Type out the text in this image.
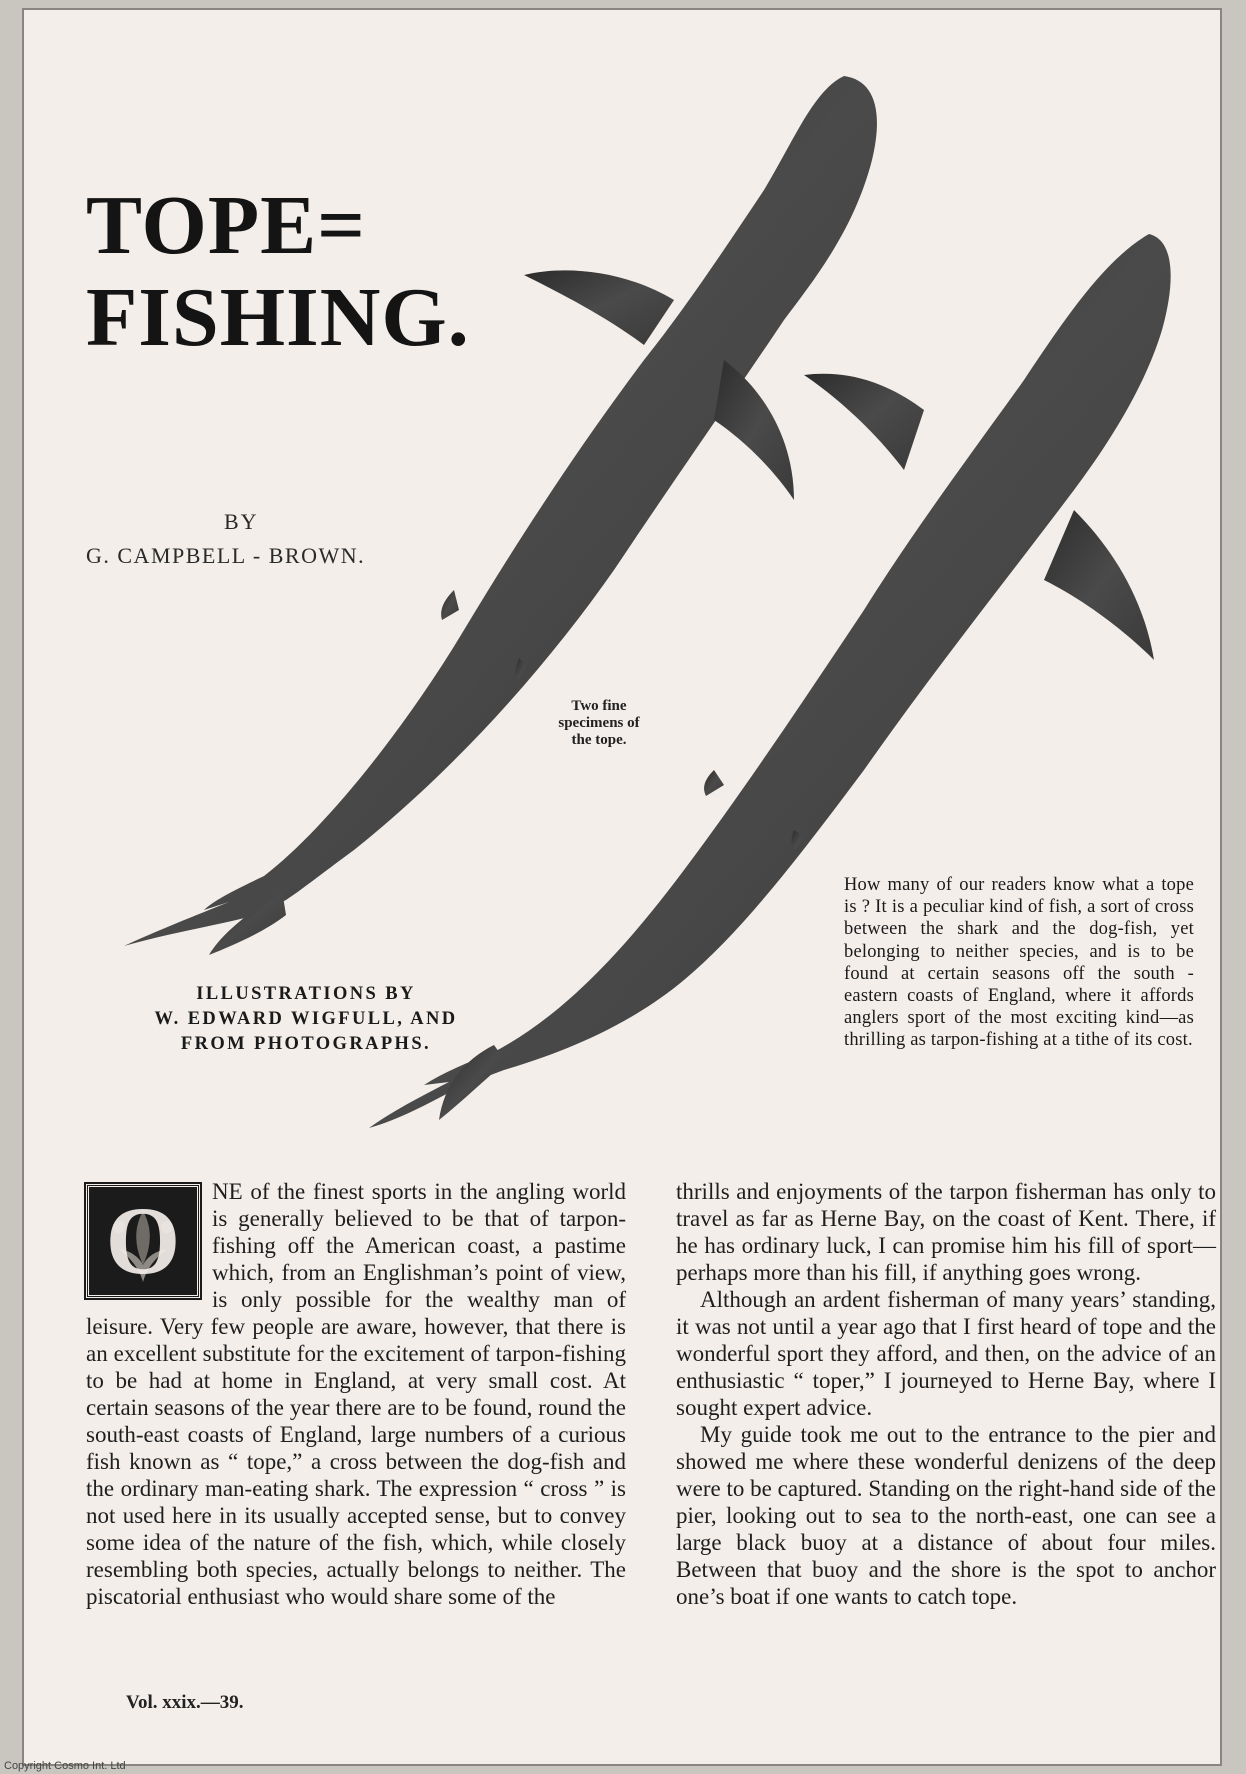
TOPE=
FISHING.
BY
G. CAMPBELL - BROWN.
Two fine
specimens of
the tope.
ILLUSTRATIONS BY
W. EDWARD WIGFULL, AND
FROM PHOTOGRAPHS.
How many of our readers know what a tope is ? It is a peculiar kind of fish, a sort of cross between the shark and the dog-fish, yet belonging to neither species, and is to be found at certain seasons off the south - eastern coasts of England, where it affords anglers sport of the most exciting kind—as thrilling as tarpon-fishing at a tithe of its cost.
O	NE of the finest sports in the angling world is generally believed to be that of tarpon-fishing off the American coast, a pastime which, from an Englishman’s point of view, is only possible for the wealthy man of leisure. Very few people are aware, however, that there is an excellent substitute for the excitement of tarpon-fishing to be had at home in England, at very small cost. At certain seasons of the year there are to be found, round the south-east coasts of England, large numbers of a curious fish known as “ tope,” a cross between the dog-fish and the ordinary man-eating shark. The expression “ cross ” is not used here in its usually accepted sense, but to convey some idea of the nature of the fish, which, while closely resembling both species, actually belongs to neither. The piscatorial enthusiast who would share some of the

thrills and enjoyments of the tarpon fisherman has only to travel as far as Herne Bay, on the coast of Kent. There, if he has ordinary luck, I can promise him his fill of sport—perhaps more than his fill, if anything goes wrong.

Although an ardent fisherman of many years’ standing, it was not until a year ago that I first heard of tope and the wonderful sport they afford, and then, on the advice of an enthusiastic “ toper,” I journeyed to Herne Bay, where I sought expert advice.

My guide took me out to the entrance to the pier and showed me where these wonderful denizens of the deep were to be captured. Standing on the right-hand side of the pier, looking out to sea to the north-east, one can see a large black buoy at a distance of about four miles. Between that buoy and the shore is the spot to anchor one’s boat if one wants to catch tope.

Vol. xxix.—39.
Copyright Cosmo Int. Ltd
